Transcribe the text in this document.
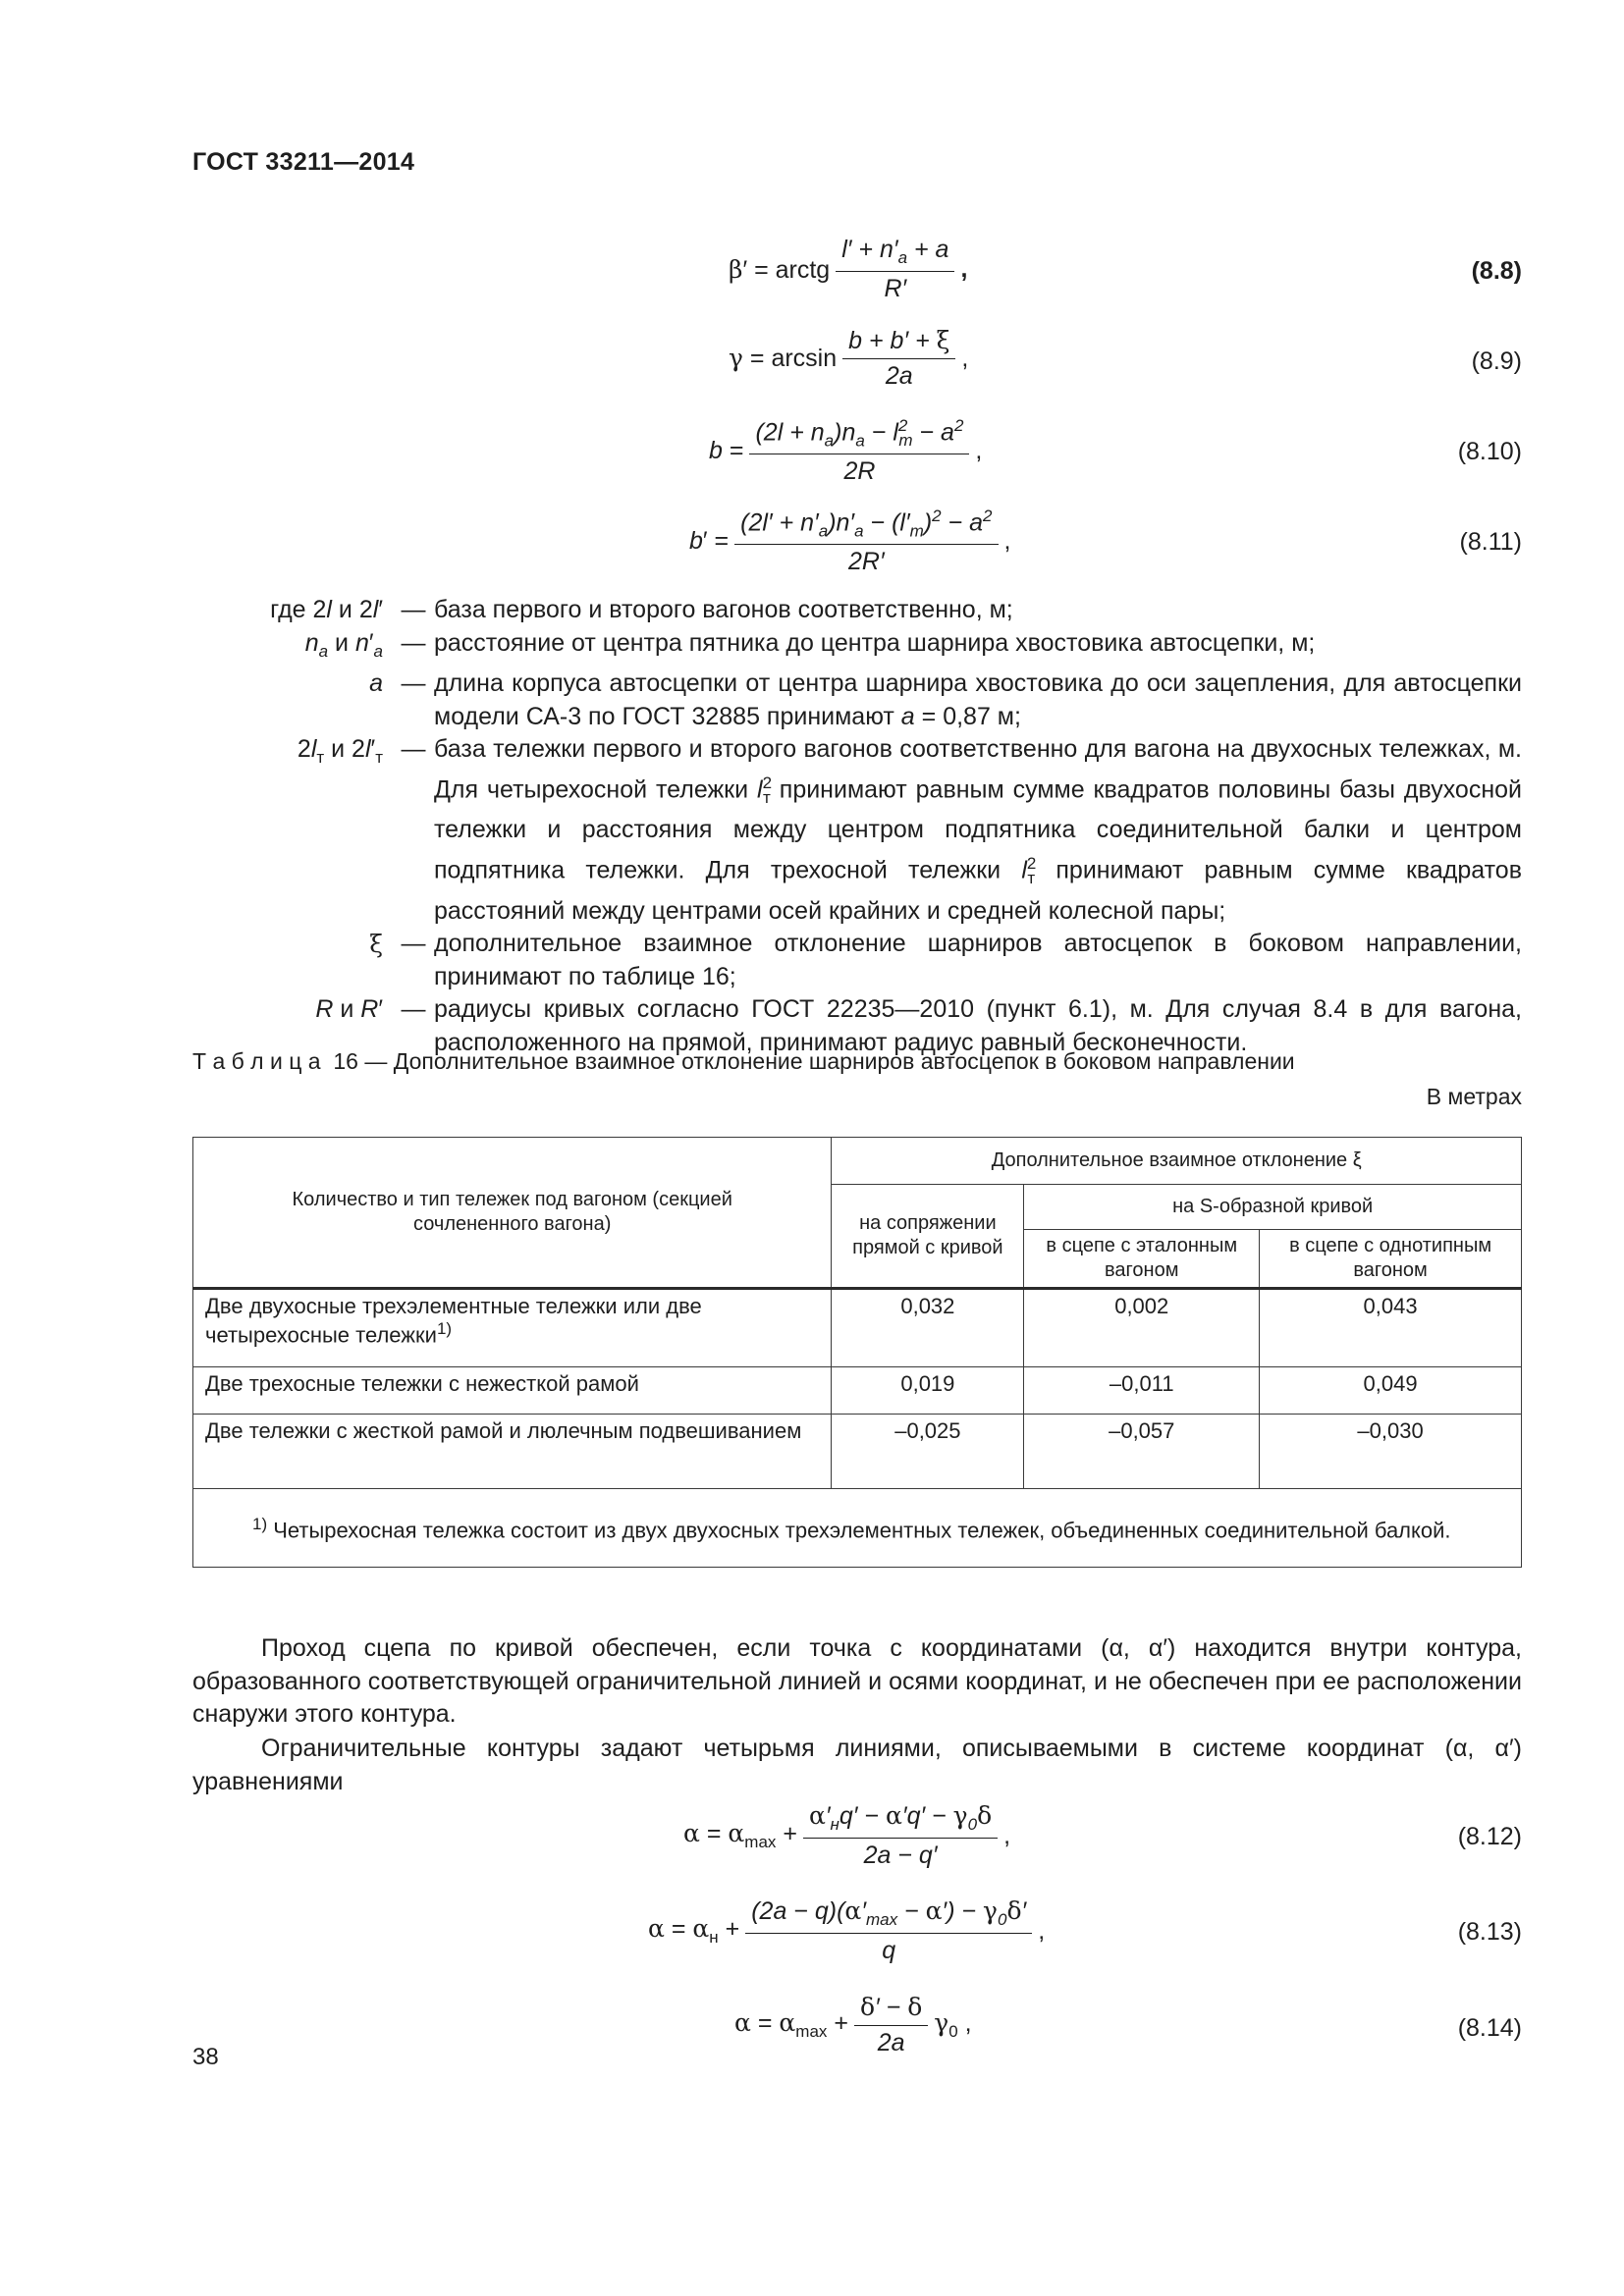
ГОСТ 33211—2014
β′ = arctg $\frac{l' + n'_a + a}{R'}$ ,	(8.8)
$\gamma = \arcsin \frac{b + b' + \xi}{2a}$ ,	(8.9)
$b = \frac{(2l + n_a)n_a - l^2_т - a^2}{2R}$ ,	(8.10)
$b' = \frac{(2l' + n'_a)n'_a - (l'_т)^2 - a^2}{2R'}$ ,	(8.11)
где 2l и 2l′ — база первого и второго вагонов соответственно, м;
$n_a$ и $n'_a$ — расстояние от центра пятника до центра шарнира хвостовика автосцепки, м;
a — длина корпуса автосцепки от центра шарнира хвостовика до оси зацепления, для автосцепки модели СА-3 по ГОСТ 32885 принимают a = 0,87 м;
$2l_т$ и $2l'_т$ — база тележки первого и второго вагонов соответственно для вагона на двухосных тележках, м. Для четырехосной тележки $l^2_т$ принимают равным сумме квадратов половины базы двухосной тележки и расстояния между центром подпятника соединительной балки и центром подпятника тележки. Для трехосной тележки $l^2_т$ принимают равным сумме квадратов расстояний между центрами осей крайних и средней колесной пары;
ξ — дополнительное взаимное отклонение шарниров автосцепок в боковом направлении, принимают по таблице 16;
R и R′ — радиусы кривых согласно ГОСТ 22235—2010 (пункт 6.1), м. Для случая 8.4 в для вагона, расположенного на прямой, принимают радиус равный бесконечности.
Т а б л и ц а 16 — Дополнительное взаимное отклонение шарниров автосцепок в боковом направлении
В метрах
Количество и тип тележек под вагоном (секцией сочлененного вагона)	Дополнительное взаимное отклонение ξ		
	на сопряжении прямой с кривой	на S-образной кривой	
		в сцепе с эталонным вагоном	в сцепе с однотипным вагоном
Две двухосные трехэлементные тележки или две четырехосные тележки$^{1)}$	0,032	0,002	0,043
Две трехосные тележки с нежесткой рамой	0,019	–0,011	0,049
Две тележки с жесткой рамой и люлечным подвешиванием	–0,025	–0,057	–0,030
$^{1)}$ Четырехосная тележка состоит из двух двухосных трехэлементных тележек, объединенных соединительной балкой.			
Проход сцепа по кривой обеспечен, если точка с координатами (α, α′) находится внутри контура, образованного соответствующей ограничительной линией и осями координат, и не обеспечен при ее расположении снаружи этого контура.
Ограничительные контуры задают четырьмя линиями, описываемыми в системе координат (α, α′) уравнениями
$\alpha = \alpha_{max} + \frac{\alpha'_нq' - \alpha'q' - \gamma_0\delta}{2a - q'}$ ,	(8.12)
$\alpha = \alpha_н + \frac{(2a - q)(\alpha'_{max} - \alpha') - \gamma_0\delta'}{q}$ ,	(8.13)
$\alpha = \alpha_{max} + \frac{\delta' - \delta}{2a} \gamma_0$ ,	(8.14)
38
